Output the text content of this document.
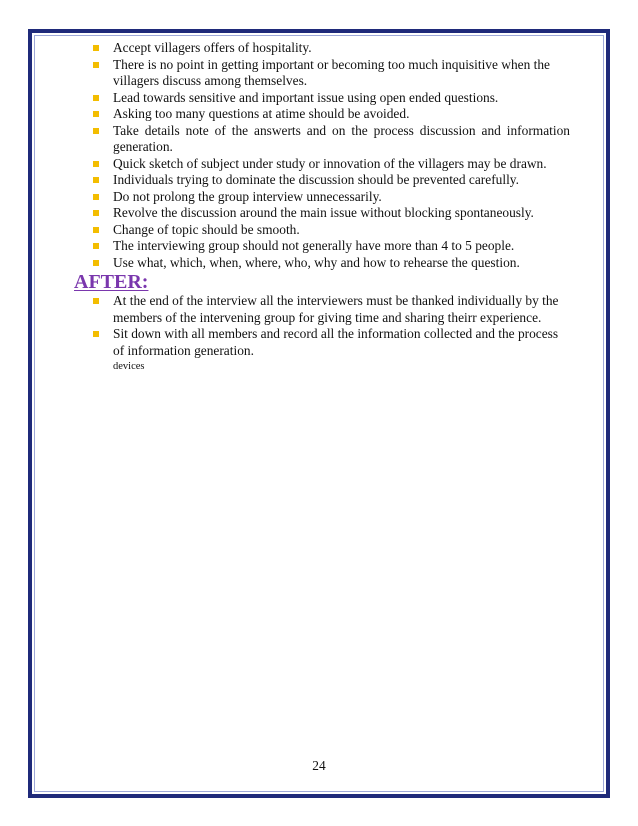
Accept villagers offers of hospitality.
There is no point in getting important or becoming too much inquisitive when the villagers discuss among themselves.
Lead towards sensitive and important issue using open ended questions.
Asking too many questions at atime should be avoided.
Take details note of the answerts and on the process discussion and information generation.
Quick sketch of subject under study or innovation of the villagers may be drawn.
Individuals trying to dominate the discussion should be prevented carefully.
Do not prolong the group interview unnecessarily.
Revolve the discussion around the main issue without blocking spontaneously.
Change of topic should be smooth.
The interviewing group should not generally have more than 4 to 5 people.
Use what, which, when, where, who, why and how to rehearse the question.
AFTER:
At the end of the interview all the interviewers must be thanked individually by the members of the intervening group for giving time and sharing theirr experience.
Sit down with all members and record all the information collected and the process of information generation.
devices
24
